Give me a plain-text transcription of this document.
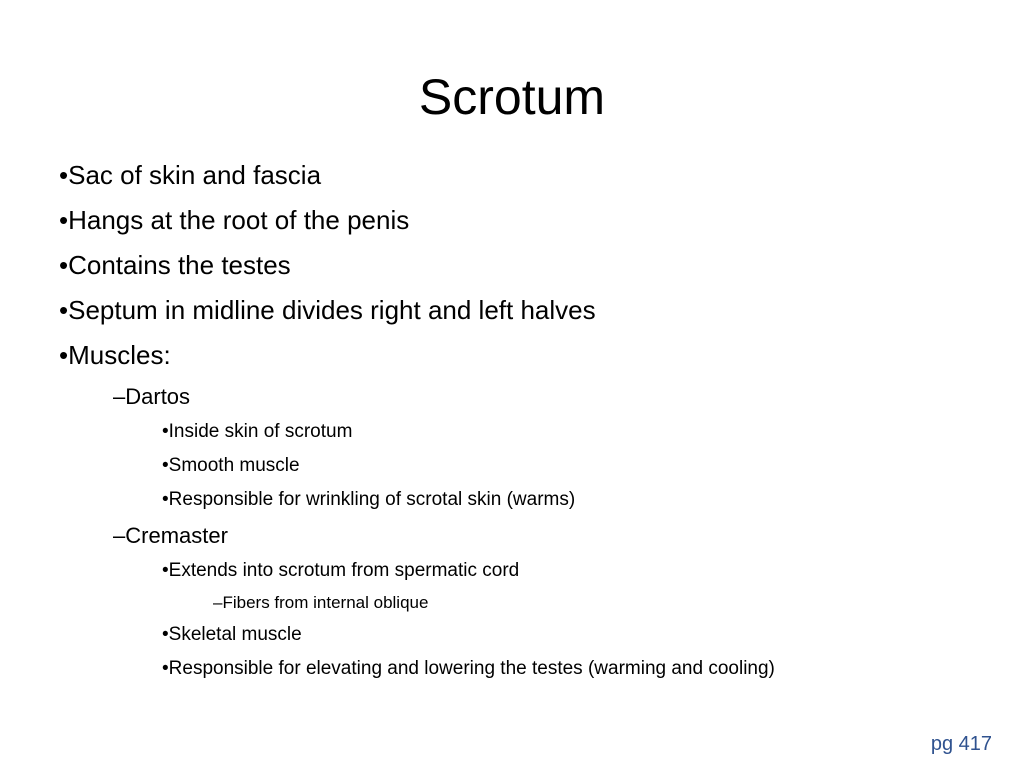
Scrotum
•Sac of skin and fascia
•Hangs at the root of the penis
•Contains the testes
•Septum in midline divides right and left halves
•Muscles:
–Dartos
•Inside skin of scrotum
•Smooth muscle
•Responsible for wrinkling of scrotal skin (warms)
–Cremaster
•Extends into scrotum from spermatic cord
–Fibers from internal oblique
•Skeletal muscle
•Responsible for elevating and lowering the testes (warming and cooling)
pg 417
